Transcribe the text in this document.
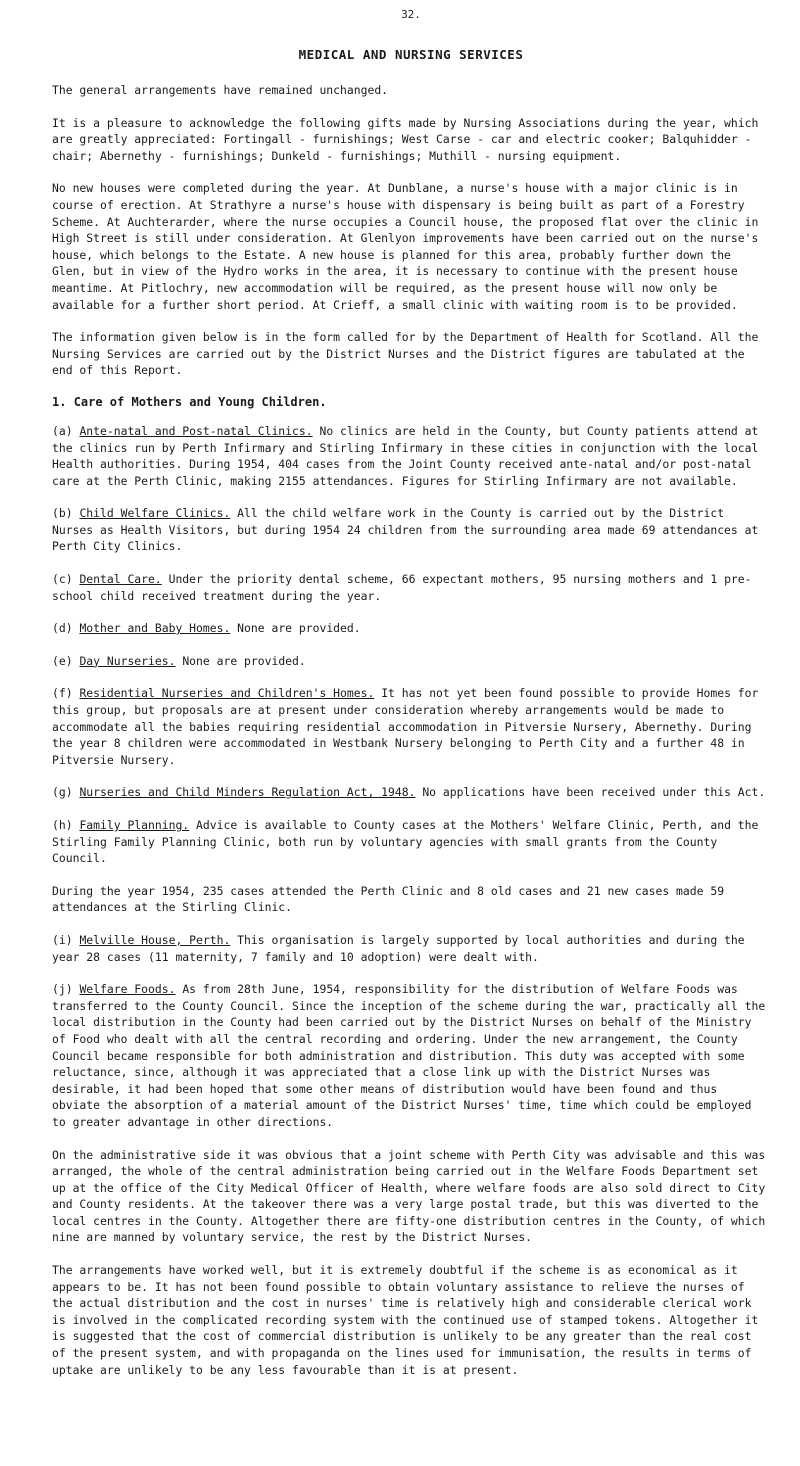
32.
MEDICAL AND NURSING SERVICES

The general arrangements have remained unchanged.

It is a pleasure to acknowledge the following gifts made by Nursing Associations during the year, which are greatly appreciated: Fortingall - furnishings; West Carse - car and electric cooker; Balquhidder - chair; Abernethy - furnishings; Dunkeld - furnishings; Muthill - nursing equipment.

No new houses were completed during the year. At Dunblane, a nurse's house with a major clinic is in course of erection. At Strathyre a nurse's house with dispensary is being built as part of a Forestry Scheme. At Auchterarder, where the nurse occupies a Council house, the proposed flat over the clinic in High Street is still under consideration. At Glenlyon improvements have been carried out on the nurse's house, which belongs to the Estate. A new house is planned for this area, probably further down the Glen, but in view of the Hydro works in the area, it is necessary to continue with the present house meantime. At Pitlochry, new accommodation will be required, as the present house will now only be available for a further short period. At Crieff, a small clinic with waiting room is to be provided.

The information given below is in the form called for by the Department of Health for Scotland. All the Nursing Services are carried out by the District Nurses and the District figures are tabulated at the end of this Report.

1. Care of Mothers and Young Children.

(a) Ante-natal and Post-natal Clinics. No clinics are held in the County, but County patients attend at the clinics run by Perth Infirmary and Stirling Infirmary in these cities in conjunction with the local Health authorities. During 1954, 404 cases from the Joint County received ante-natal and/or post-natal care at the Perth Clinic, making 2155 attendances. Figures for Stirling Infirmary are not available.

(b) Child Welfare Clinics. All the child welfare work in the County is carried out by the District Nurses as Health Visitors, but during 1954 24 children from the surrounding area made 69 attendances at Perth City Clinics.

(c) Dental Care. Under the priority dental scheme, 66 expectant mothers, 95 nursing mothers and 1 pre-school child received treatment during the year.

(d) Mother and Baby Homes. None are provided.

(e) Day Nurseries. None are provided.

(f) Residential Nurseries and Children's Homes. It has not yet been found possible to provide Homes for this group, but proposals are at present under consideration whereby arrangements would be made to accommodate all the babies requiring residential accommodation in Pitversie Nursery, Abernethy. During the year 8 children were accommodated in Westbank Nursery belonging to Perth City and a further 48 in Pitversie Nursery.

(g) Nurseries and Child Minders Regulation Act, 1948. No applications have been received under this Act.

(h) Family Planning. Advice is available to County cases at the Mothers' Welfare Clinic, Perth, and the Stirling Family Planning Clinic, both run by voluntary agencies with small grants from the County Council.

During the year 1954, 235 cases attended the Perth Clinic and 8 old cases and 21 new cases made 59 attendances at the Stirling Clinic.

(i) Melville House, Perth. This organisation is largely supported by local authorities and during the year 28 cases (11 maternity, 7 family and 10 adoption) were dealt with.

(j) Welfare Foods. As from 28th June, 1954, responsibility for the distribution of Welfare Foods was transferred to the County Council. Since the inception of the scheme during the war, practically all the local distribution in the County had been carried out by the District Nurses on behalf of the Ministry of Food who dealt with all the central recording and ordering. Under the new arrangement, the County Council became responsible for both administration and distribution. This duty was accepted with some reluctance, since, although it was appreciated that a close link up with the District Nurses was desirable, it had been hoped that some other means of distribution would have been found and thus obviate the absorption of a material amount of the District Nurses' time, time which could be employed to greater advantage in other directions.

On the administrative side it was obvious that a joint scheme with Perth City was advisable and this was arranged, the whole of the central administration being carried out in the Welfare Foods Department set up at the office of the City Medical Officer of Health, where welfare foods are also sold direct to City and County residents. At the takeover there was a very large postal trade, but this was diverted to the local centres in the County. Altogether there are fifty-one distribution centres in the County, of which nine are manned by voluntary service, the rest by the District Nurses.

The arrangements have worked well, but it is extremely doubtful if the scheme is as economical as it appears to be. It has not been found possible to obtain voluntary assistance to relieve the nurses of the actual distribution and the cost in nurses' time is relatively high and considerable clerical work is involved in the complicated recording system with the continued use of stamped tokens. Altogether it is suggested that the cost of commercial distribution is unlikely to be any greater than the real cost of the present system, and with propaganda on the lines used for immunisation, the results in terms of uptake are unlikely to be any less favourable than it is at present.
